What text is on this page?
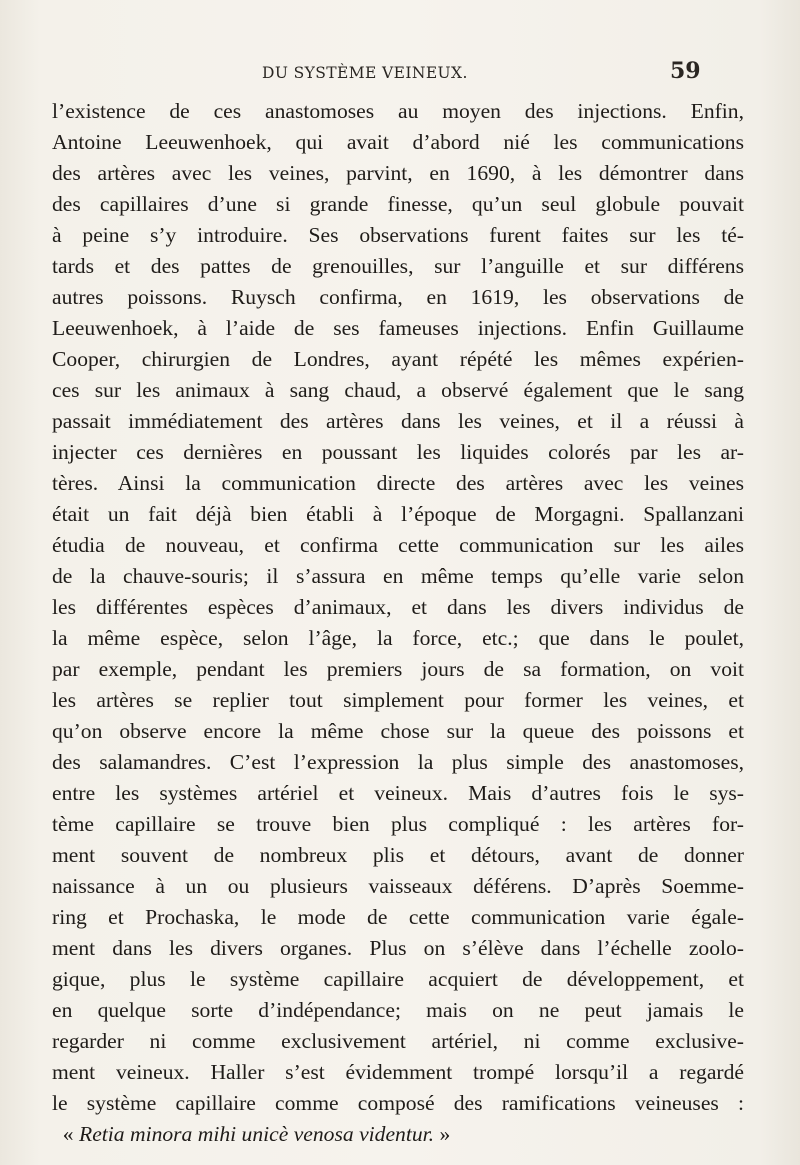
DU SYSTÈME VEINEUX.	59
l’existence de ces anastomoses au moyen des injections. Enfin,
Antoine Leeuwenhoek, qui avait d’abord nié les communications
des artères avec les veines, parvint, en 1690, à les démontrer dans
des capillaires d’une si grande finesse, qu’un seul globule pouvait
à peine s’y introduire. Ses observations furent faites sur les té-
tards et des pattes de grenouilles, sur l’anguille et sur différens
autres poissons. Ruysch confirma, en 1619, les observations de
Leeuwenhoek, à l’aide de ses fameuses injections. Enfin Guillaume
Cooper, chirurgien de Londres, ayant répété les mêmes expérien-
ces sur les animaux à sang chaud, a observé également que le sang
passait immédiatement des artères dans les veines, et il a réussi à
injecter ces dernières en poussant les liquides colorés par les ar-
tères. Ainsi la communication directe des artères avec les veines
était un fait déjà bien établi à l’époque de Morgagni. Spallanzani
étudia de nouveau, et confirma cette communication sur les ailes
de la chauve-souris; il s’assura en même temps qu’elle varie selon
les différentes espèces d’animaux, et dans les divers individus de
la même espèce, selon l’âge, la force, etc.; que dans le poulet,
par exemple, pendant les premiers jours de sa formation, on voit
les artères se replier tout simplement pour former les veines, et
qu’on observe encore la même chose sur la queue des poissons et
des salamandres. C’est l’expression la plus simple des anastomoses,
entre les systèmes artériel et veineux. Mais d’autres fois le sys-
tème capillaire se trouve bien plus compliqué : les artères for-
ment souvent de nombreux plis et détours, avant de donner
naissance à un ou plusieurs vaisseaux déférens. D’après Soemme-
ring et Prochaska, le mode de cette communication varie égale-
ment dans les divers organes. Plus on s’élève dans l’échelle zoolo-
gique, plus le système capillaire acquiert de développement, et
en quelque sorte d’indépendance; mais on ne peut jamais le
regarder ni comme exclusivement artériel, ni comme exclusive-
ment veineux. Haller s’est évidemment trompé lorsqu’il a regardé
le système capillaire comme composé des ramifications veineuses :
« Retia minora mihi unicè venosa videntur. »
